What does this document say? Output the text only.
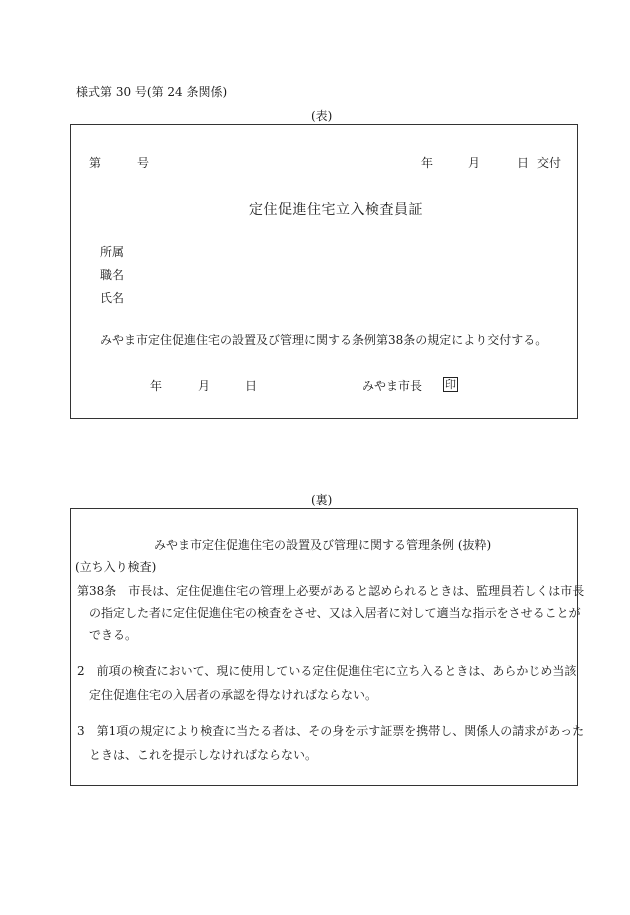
様式第 30 号(第 24 条関係)
(表)
第	号	年	月	日 交付
定住促進住宅立入検査員証
所属
職名
氏名
みやま市定住促進住宅の設置及び管理に関する条例第38条の規定により交付する。
年	月	日	みやま市長 印
(裏)
みやま市定住促進住宅の設置及び管理に関する管理条例 (抜粋)
(立ち入り検査)
第38条　市長は、定住促進住宅の管理上必要があると認められるときは、監理員若しくは市長
の指定した者に定住促進住宅の検査をさせ、又は入居者に対して適当な指示をさせることが
できる。
2　前項の検査において、現に使用している定住促進住宅に立ち入るときは、あらかじめ当該
定住促進住宅の入居者の承認を得なければならない。
3　第1項の規定により検査に当たる者は、その身を示す証票を携帯し、関係人の請求があった
ときは、これを提示しなければならない。
